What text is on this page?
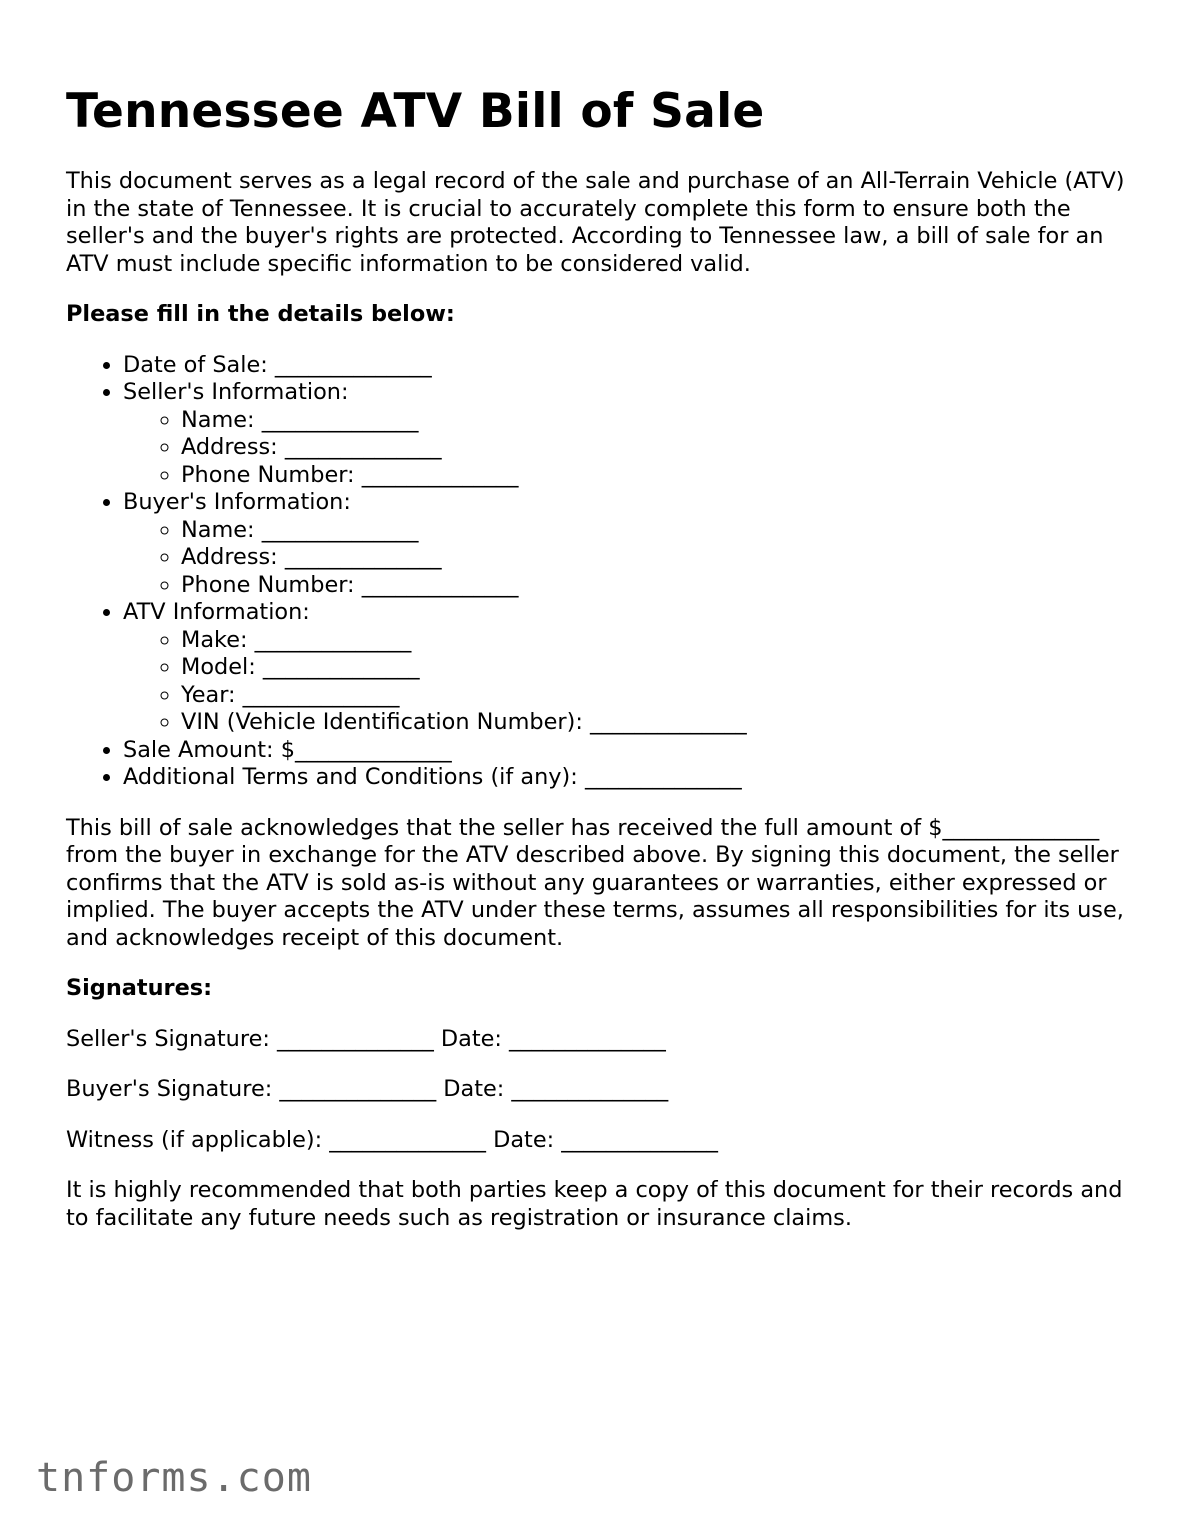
Tennessee ATV Bill of Sale

This document serves as a legal record of the sale and purchase of an All-Terrain Vehicle (ATV) in the state of Tennessee. It is crucial to accurately complete this form to ensure both the seller's and the buyer's rights are protected. According to Tennessee law, a bill of sale for an ATV must include specific information to be considered valid.

Please fill in the details below:
• Date of Sale: ______________
• Seller's Information:
◦ Name: ______________
◦ Address: ______________
◦ Phone Number: ______________
• Buyer's Information:
◦ Name: ______________
◦ Address: ______________
◦ Phone Number: ______________
• ATV Information:
◦ Make: ______________
◦ Model: ______________
◦ Year: ______________
◦ VIN (Vehicle Identification Number): ______________
• Sale Amount: $______________
• Additional Terms and Conditions (if any): ______________

This bill of sale acknowledges that the seller has received the full amount of $______________ from the buyer in exchange for the ATV described above. By signing this document, the seller confirms that the ATV is sold as-is without any guarantees or warranties, either expressed or implied. The buyer accepts the ATV under these terms, assumes all responsibilities for its use, and acknowledges receipt of this document.

Signatures:

Seller's Signature: ______________ Date: ______________

Buyer's Signature: ______________ Date: ______________

Witness (if applicable): ______________ Date: ______________

It is highly recommended that both parties keep a copy of this document for their records and to facilitate any future needs such as registration or insurance claims.

tnforms.com
